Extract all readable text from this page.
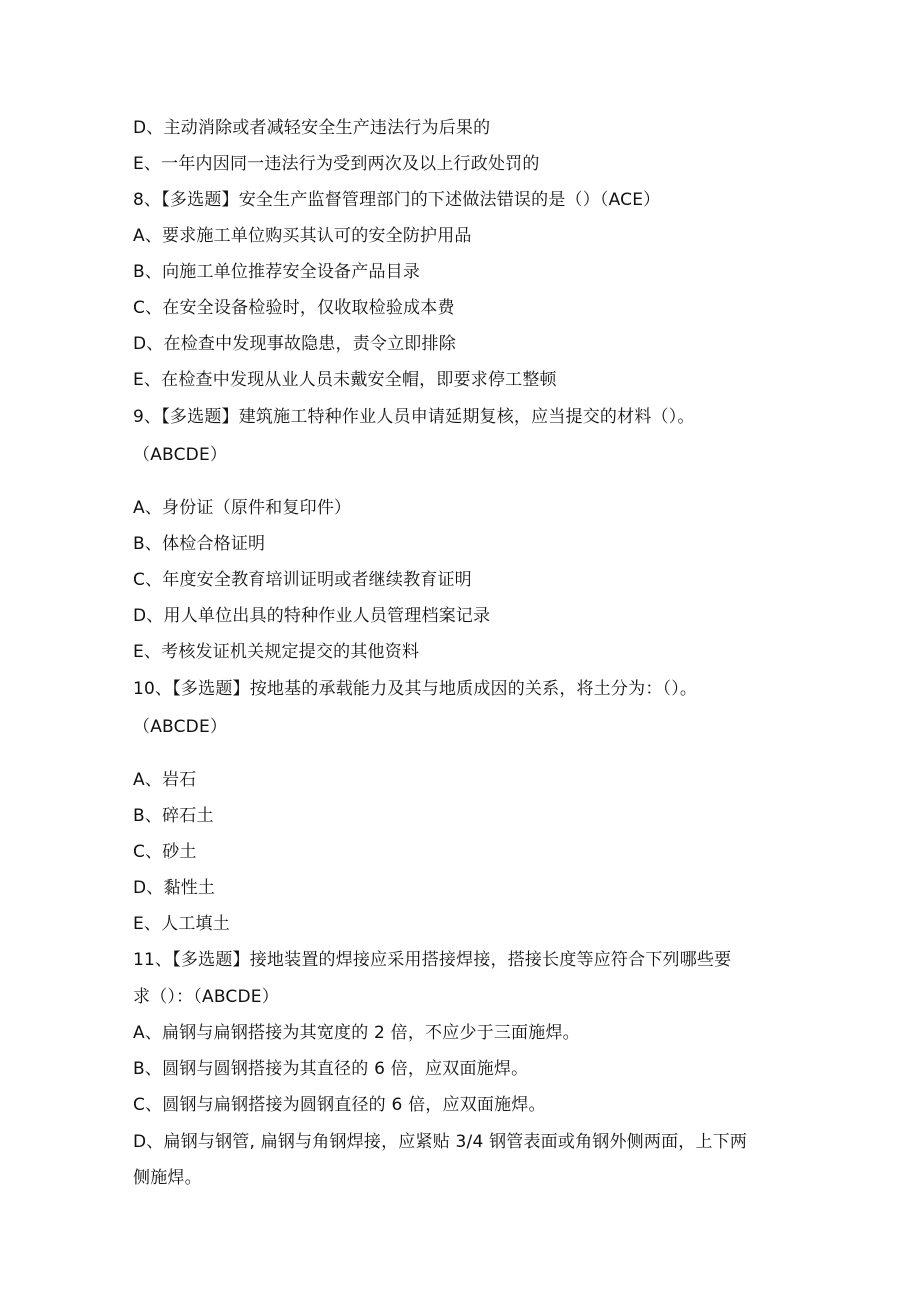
D、主动消除或者减轻安全生产违法行为后果的
E、一年内因同一违法行为受到两次及以上行政处罚的
8、【多选题】安全生产监督管理部门的下述做法错误的是（）（ACE）
A、要求施工单位购买其认可的安全防护用品
B、向施工单位推荐安全设备产品目录
C、在安全设备检验时，仅收取检验成本费
D、在检查中发现事故隐患，责令立即排除
E、在检查中发现从业人员未戴安全帽，即要求停工整顿
9、【多选题】建筑施工特种作业人员申请延期复核，应当提交的材料（）。
（ABCDE）
A、身份证（原件和复印件）
B、体检合格证明
C、年度安全教育培训证明或者继续教育证明
D、用人单位出具的特种作业人员管理档案记录
E、考核发证机关规定提交的其他资料
10、【多选题】按地基的承载能力及其与地质成因的关系，将土分为：（）。
（ABCDE）
A、岩石
B、碎石土
C、砂土
D、黏性土
E、人工填土
11、【多选题】接地装置的焊接应采用搭接焊接，搭接长度等应符合下列哪些要
求（）：（ABCDE）
A、扁钢与扁钢搭接为其宽度的 2 倍，不应少于三面施焊。
B、圆钢与圆钢搭接为其直径的 6 倍，应双面施焊。
C、圆钢与扁钢搭接为圆钢直径的 6 倍，应双面施焊。
D、扁钢与钢管, 扁钢与角钢焊接，应紧贴 3/4 钢管表面或角钢外侧两面，上下两
侧施焊。
